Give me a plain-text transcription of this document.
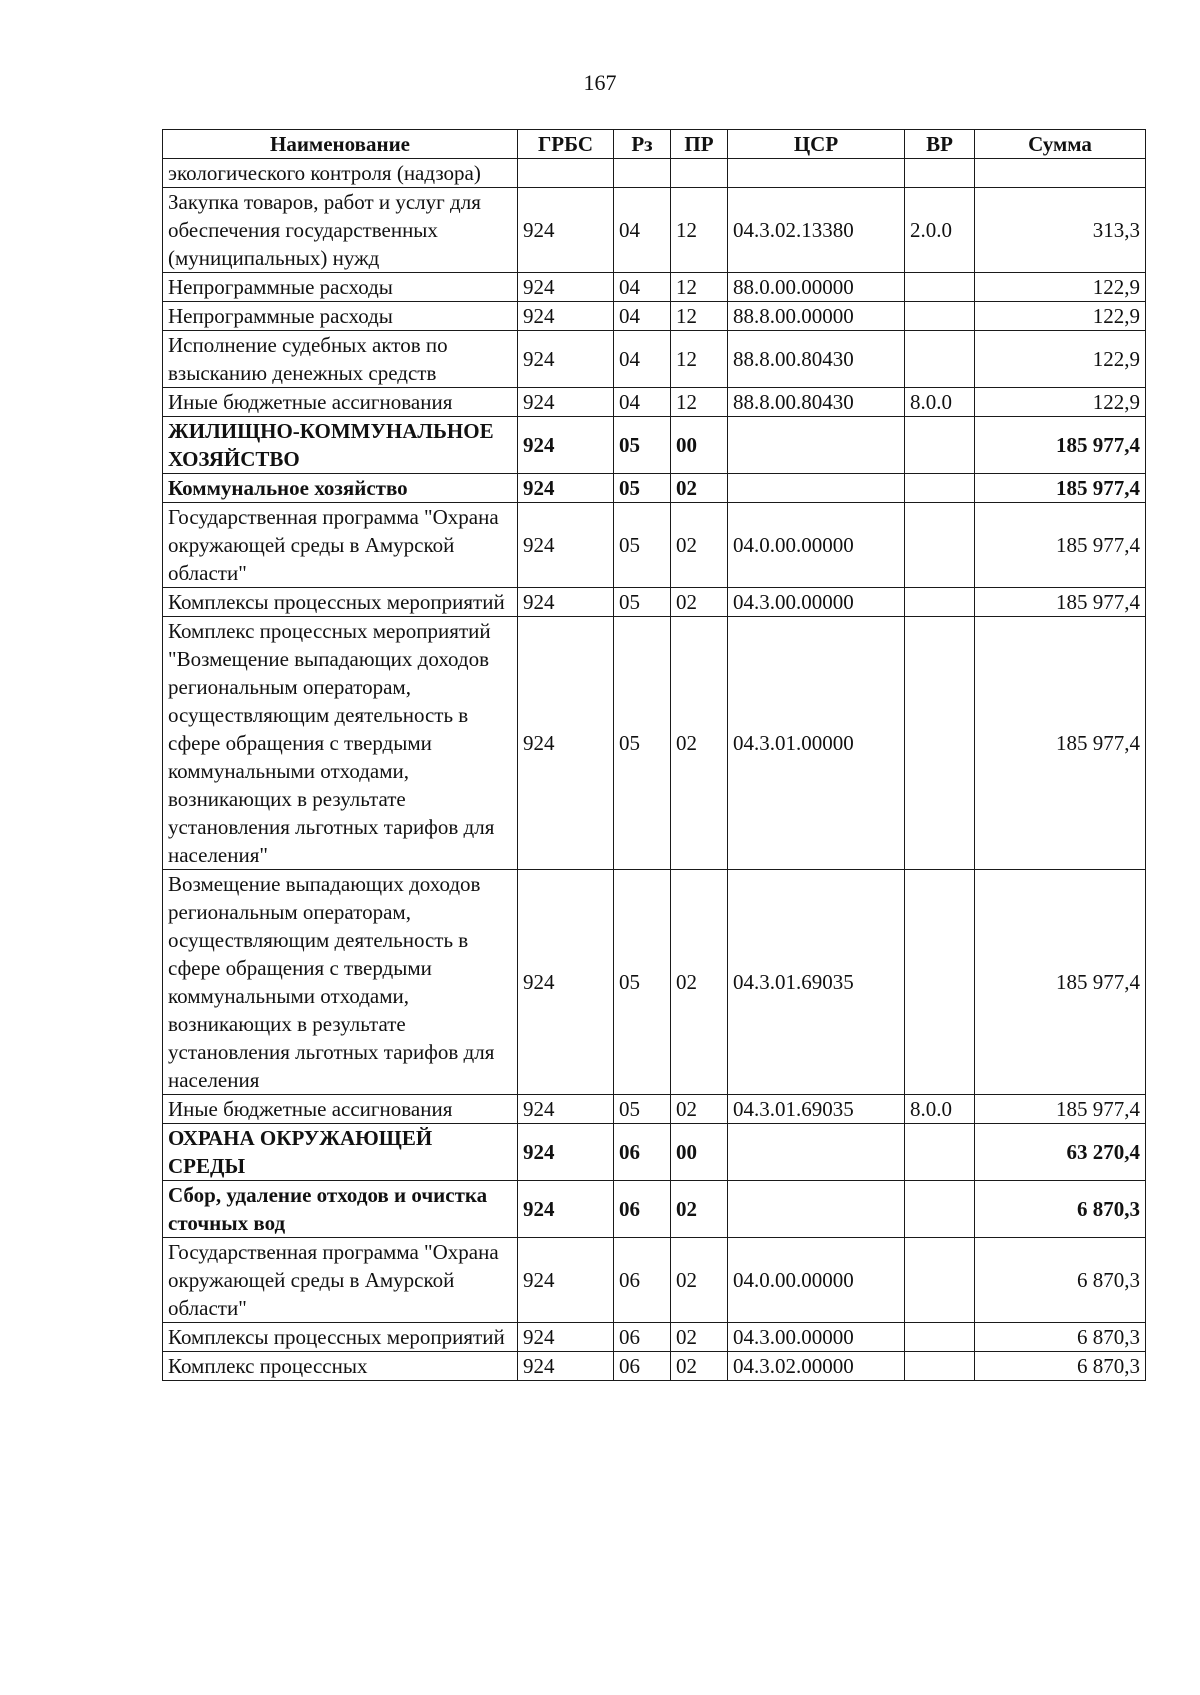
167
Наименование	ГРБС	Рз	ПР	ЦСР	ВР	Сумма
экологического контроля (надзора)						
Закупка товаров, работ и услуг для обеспечения государственных (муниципальных) нужд	924	04	12	04.3.02.13380	2.0.0	313,3
Непрограммные расходы	924	04	12	88.0.00.00000		122,9
Непрограммные расходы	924	04	12	88.8.00.00000		122,9
Исполнение судебных актов по взысканию денежных средств	924	04	12	88.8.00.80430		122,9
Иные бюджетные ассигнования	924	04	12	88.8.00.80430	8.0.0	122,9
ЖИЛИЩНО-КОММУНАЛЬНОЕ ХОЗЯЙСТВО	924	05	00			185 977,4
Коммунальное хозяйство	924	05	02			185 977,4
Государственная программа "Охрана окружающей среды в Амурской области"	924	05	02	04.0.00.00000		185 977,4
Комплексы процессных мероприятий	924	05	02	04.3.00.00000		185 977,4
Комплекс процессных мероприятий "Возмещение выпадающих доходов региональным операторам, осуществляющим деятельность в сфере обращения с твердыми коммунальными отходами, возникающих в результате установления льготных тарифов для населения"	924	05	02	04.3.01.00000		185 977,4
Возмещение выпадающих доходов региональным операторам, осуществляющим деятельность в сфере обращения с твердыми коммунальными отходами, возникающих в результате установления льготных тарифов для населения	924	05	02	04.3.01.69035		185 977,4
Иные бюджетные ассигнования	924	05	02	04.3.01.69035	8.0.0	185 977,4
ОХРАНА ОКРУЖАЮЩЕЙ СРЕДЫ	924	06	00			63 270,4
Сбор, удаление отходов и очистка сточных вод	924	06	02			6 870,3
Государственная программа "Охрана окружающей среды в Амурской области"	924	06	02	04.0.00.00000		6 870,3
Комплексы процессных мероприятий	924	06	02	04.3.00.00000		6 870,3
Комплекс процессных	924	06	02	04.3.02.00000		6 870,3
